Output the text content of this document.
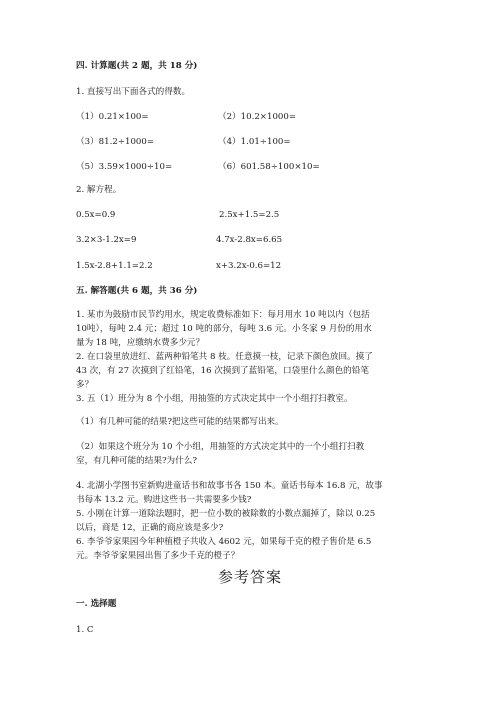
四. 计算题(共 2 题，共 18 分)
1. 直接写出下面各式的得数。
（1）0.21×100=	（2）10.2×1000=
（3）81.2÷1000=	（4）1.01÷100=
（5）3.59×1000÷10=	（6）601.58÷100×10=
2. 解方程。
0.5x=0.9	2.5x+1.5=2.5
3.2×3-1.2x=9	4.7x-2.8x=6.65
1.5x-2.8+1.1=2.2	x+3.2x-0.6=12
五. 解答题(共 6 题，共 36 分)
1. 某市为鼓励市民节约用水，规定收费标准如下：每月用水 10 吨以内（包括
10吨），每吨 2.4 元；超过 10 吨的部分，每吨 3.6 元。小冬家 9 月份的用水
量为 18 吨，应缴纳水费多少元？
2. 在口袋里放进红、蓝两种铅笔共 8 枝。任意摸一枝，记录下颜色放回。摸了
43 次，有 27 次摸到了红铅笔，16 次摸到了蓝铅笔，口袋里什么颜色的铅笔
多？
3. 五（1）班分为 8 个小组，用抽签的方式决定其中一个小组打扫教室。
（1）有几种可能的结果?把这些可能的结果都写出来。
（2）如果这个班分为 10 个小组，用抽签的方式决定其中的一个小组打扫教
室，有几种可能的结果?为什么?
4. 北湖小学图书室新购进童话书和故事书各 150 本。童话书每本 16.8 元，故事
书每本 13.2 元。购进这些书一共需要多少钱?
5. 小刚在计算一道除法题时，把一位小数的被除数的小数点漏掉了，除以 0.25
以后，商是 12，正确的商应该是多少?
6. 李爷爷家果园今年种植橙子共收入 4602 元，如果每千克的橙子售价是 6.5
元。李爷爷家果园出售了多少千克的橙子？
参考答案
一. 选择题
1. C
